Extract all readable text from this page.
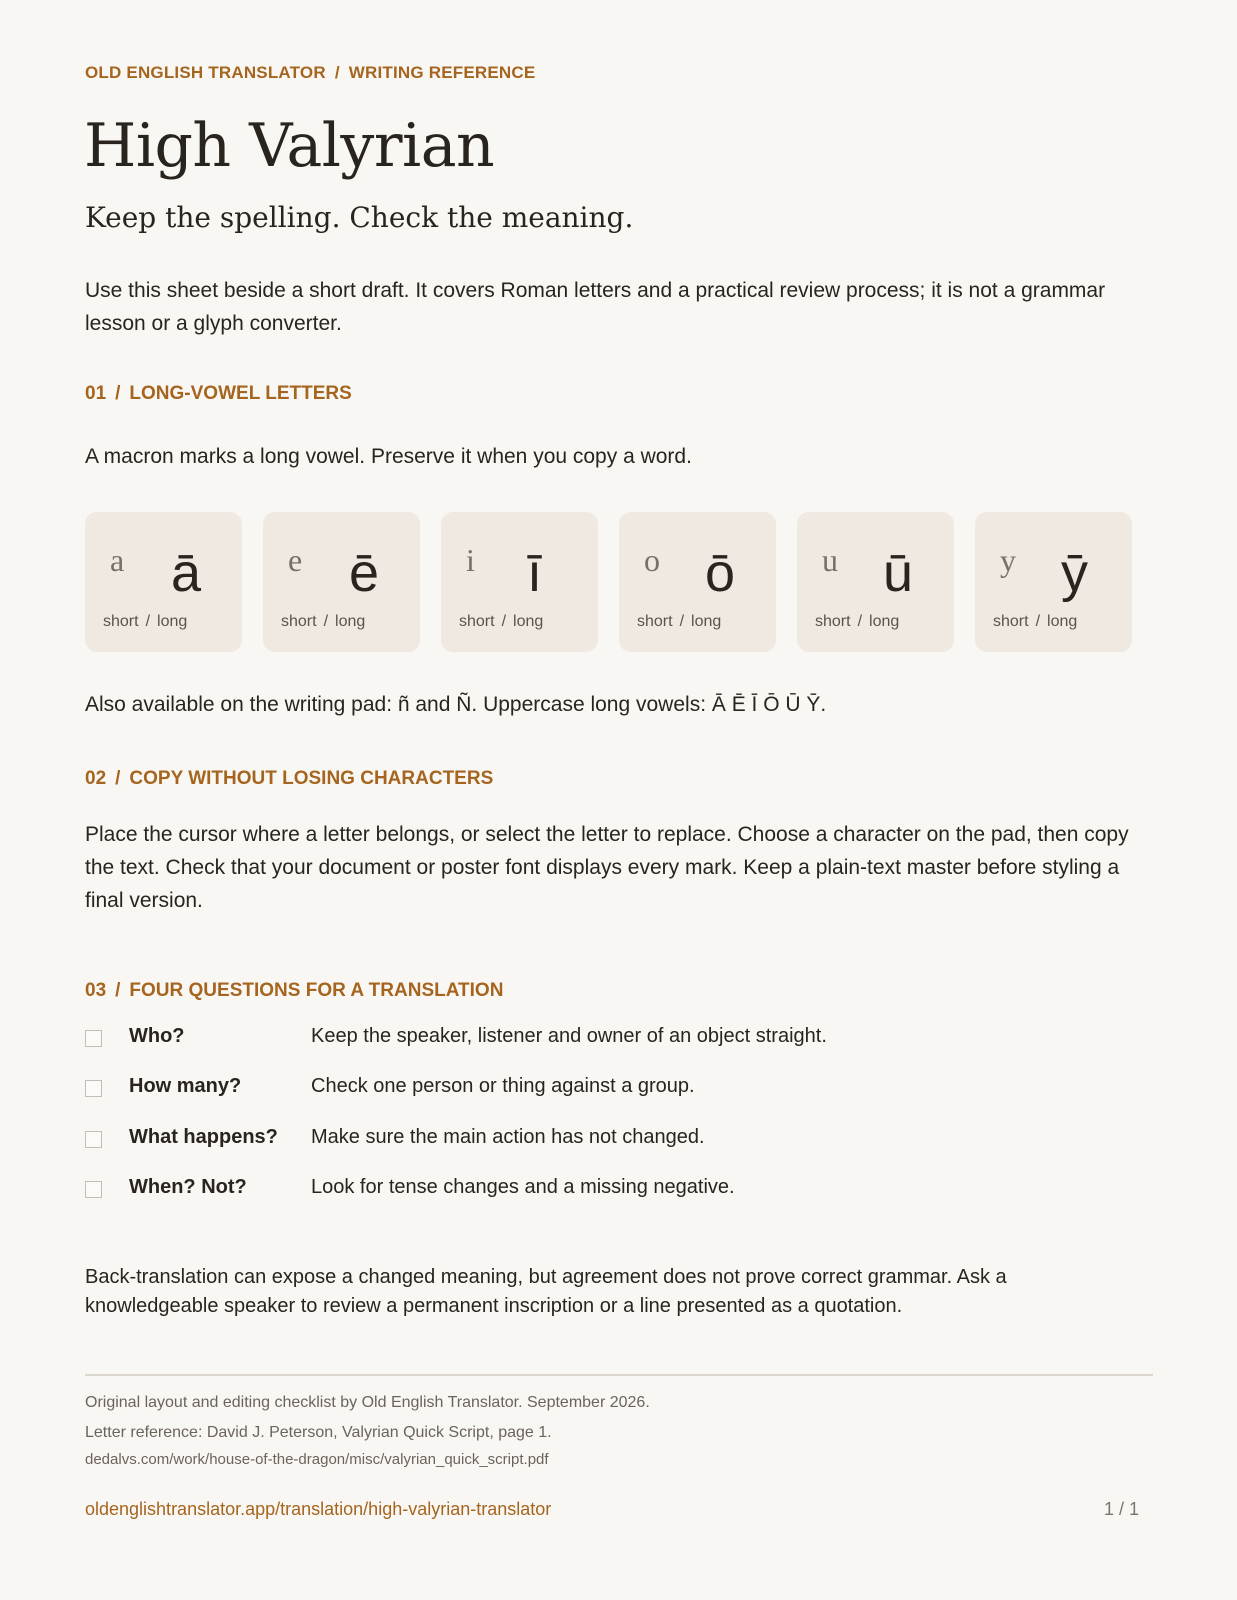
OLD ENGLISH TRANSLATOR / WRITING REFERENCE
High Valyrian
Keep the spelling. Check the meaning.

Use this sheet beside a short draft. It covers Roman letters and a practical review process; it is not a grammar lesson or a glyph converter.

01 / LONG-VOWEL LETTERS

A macron marks a long vowel. Preserve it when you copy a word.

a ā
short / long
e ē
short / long
i ī
short / long
o ō
short / long
u ū
short / long
y ȳ
short / long

Also available on the writing pad: ñ and Ñ. Uppercase long vowels: Ā Ē Ī Ō Ū Ȳ.

02 / COPY WITHOUT LOSING CHARACTERS

Place the cursor where a letter belongs, or select the letter to replace. Choose a character on the pad, then copy the text. Check that your document or poster font displays every mark. Keep a plain-text master before styling a final version.

03 / FOUR QUESTIONS FOR A TRANSLATION
Who?	Keep the speaker, listener and owner of an object straight.
How many?	Check one person or thing against a group.
What happens? Make sure the main action has not changed.
When? Not?	Look for tense changes and a missing negative.

Back-translation can expose a changed meaning, but agreement does not prove correct grammar. Ask a knowledgeable speaker to review a permanent inscription or a line presented as a quotation.

Original layout and editing checklist by Old English Translator. September 2026.
Letter reference: David J. Peterson, Valyrian Quick Script, page 1.
dedalvs.com/work/house-of-the-dragon/misc/valyrian_quick_script.pdf
oldenglishtranslator.app/translation/high-valyrian-translator	1 / 1
